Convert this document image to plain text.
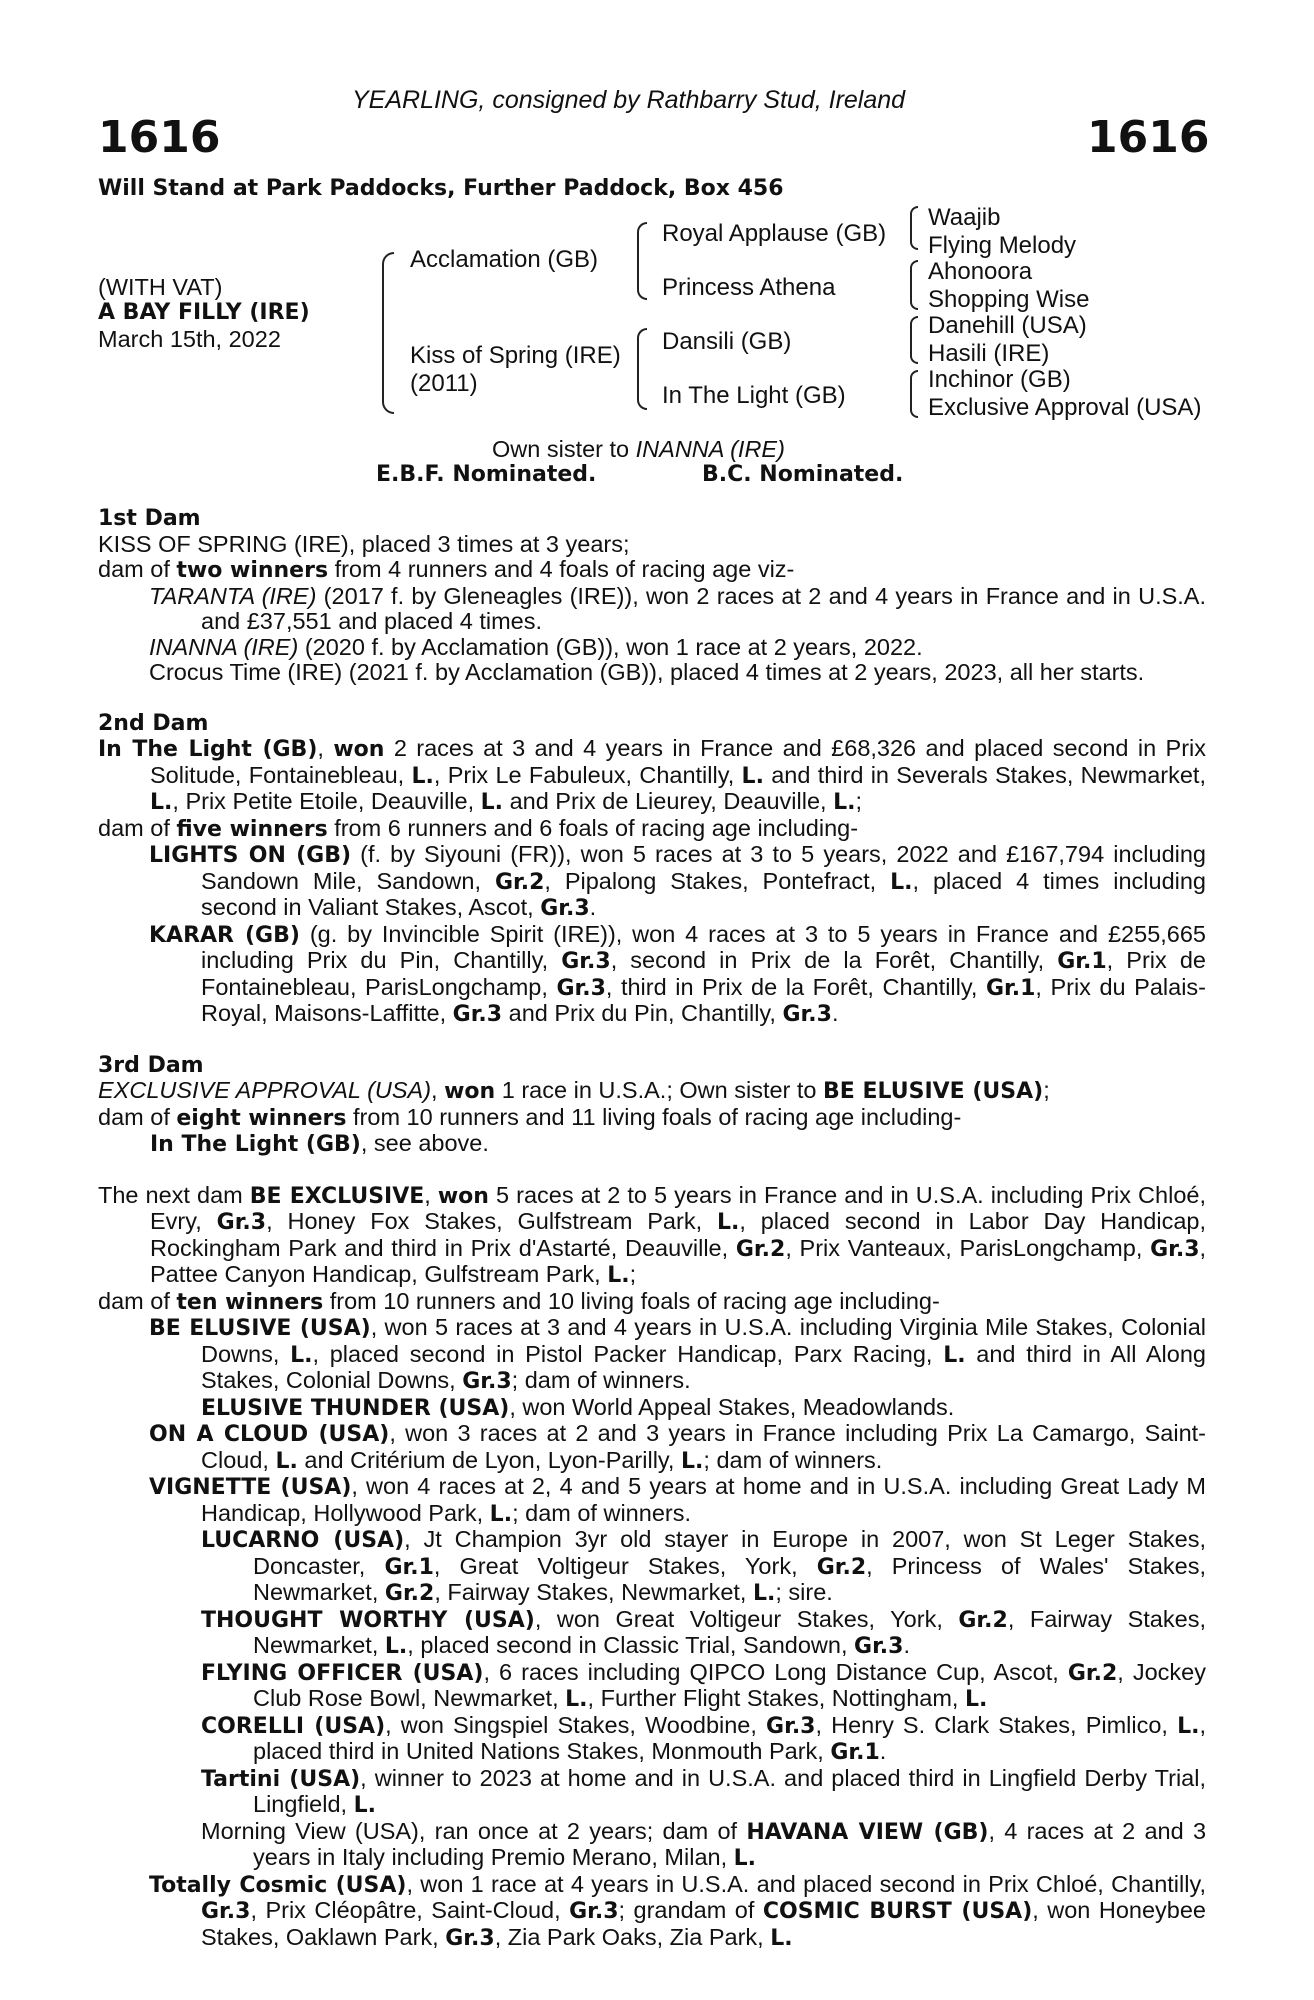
YEARLING, consigned by Rathbarry Stud, Ireland
1616	1616
Will Stand at Park Paddocks, Further Paddock, Box 456
(WITH VAT)
A BAY FILLY (IRE)
March 15th, 2022
Acclamation (GB)
Kiss of Spring (IRE)
(2011)
Royal Applause (GB)
Princess Athena
Dansili (GB)
In The Light (GB)
Waajib
Flying Melody
Ahonoora
Shopping Wise
Danehill (USA)
Hasili (IRE)
Inchinor (GB)
Exclusive Approval (USA)
Own sister to INANNA (IRE)
E.B.F. Nominated.	B.C. Nominated.

1st Dam

KISS OF SPRING (IRE), placed 3 times at 3 years;

dam of two winners from 4 runners and 4 foals of racing age viz-

TARANTA (IRE) (2017 f. by Gleneagles (IRE)), won 2 races at 2 and 4 years in France and in U.S.A. and £37,551 and placed 4 times.

INANNA (IRE) (2020 f. by Acclamation (GB)), won 1 race at 2 years, 2022.

Crocus Time (IRE) (2021 f. by Acclamation (GB)), placed 4 times at 2 years, 2023, all her starts.

2nd Dam

In The Light (GB), won 2 races at 3 and 4 years in France and £68,326 and placed second in Prix Solitude, Fontainebleau, L., Prix Le Fabuleux, Chantilly, L. and third in Severals Stakes, Newmarket, L., Prix Petite Etoile, Deauville, L. and Prix de Lieurey, Deauville, L.;

dam of five winners from 6 runners and 6 foals of racing age including-

LIGHTS ON (GB) (f. by Siyouni (FR)), won 5 races at 3 to 5 years, 2022 and £167,794 including Sandown Mile, Sandown, Gr.2, Pipalong Stakes, Pontefract, L., placed 4 times including second in Valiant Stakes, Ascot, Gr.3.

KARAR (GB) (g. by Invincible Spirit (IRE)), won 4 races at 3 to 5 years in France and £255,665 including Prix du Pin, Chantilly, Gr.3, second in Prix de la Forêt, Chantilly, Gr.1, Prix de Fontainebleau, ParisLongchamp, Gr.3, third in Prix de la Forêt, Chantilly, Gr.1, Prix du Palais-Royal, Maisons-Laffitte, Gr.3 and Prix du Pin, Chantilly, Gr.3.

3rd Dam

EXCLUSIVE APPROVAL (USA), won 1 race in U.S.A.; Own sister to BE ELUSIVE (USA);

dam of eight winners from 10 runners and 11 living foals of racing age including-

In The Light (GB), see above.

The next dam BE EXCLUSIVE, won 5 races at 2 to 5 years in France and in U.S.A. including Prix Chloé, Evry, Gr.3, Honey Fox Stakes, Gulfstream Park, L., placed second in Labor Day Handicap, Rockingham Park and third in Prix d'Astarté, Deauville, Gr.2, Prix Vanteaux, ParisLongchamp, Gr.3, Pattee Canyon Handicap, Gulfstream Park, L.;

dam of ten winners from 10 runners and 10 living foals of racing age including-

BE ELUSIVE (USA), won 5 races at 3 and 4 years in U.S.A. including Virginia Mile Stakes, Colonial Downs, L., placed second in Pistol Packer Handicap, Parx Racing, L. and third in All Along Stakes, Colonial Downs, Gr.3; dam of winners.

ELUSIVE THUNDER (USA), won World Appeal Stakes, Meadowlands.

ON A CLOUD (USA), won 3 races at 2 and 3 years in France including Prix La Camargo, Saint-Cloud, L. and Critérium de Lyon, Lyon-Parilly, L.; dam of winners.

VIGNETTE (USA), won 4 races at 2, 4 and 5 years at home and in U.S.A. including Great Lady M Handicap, Hollywood Park, L.; dam of winners.

LUCARNO (USA), Jt Champion 3yr old stayer in Europe in 2007, won St Leger Stakes, Doncaster, Gr.1, Great Voltigeur Stakes, York, Gr.2, Princess of Wales' Stakes, Newmarket, Gr.2, Fairway Stakes, Newmarket, L.; sire.

THOUGHT WORTHY (USA), won Great Voltigeur Stakes, York, Gr.2, Fairway Stakes, Newmarket, L., placed second in Classic Trial, Sandown, Gr.3.

FLYING OFFICER (USA), 6 races including QIPCO Long Distance Cup, Ascot, Gr.2, Jockey Club Rose Bowl, Newmarket, L., Further Flight Stakes, Nottingham, L.

CORELLI (USA), won Singspiel Stakes, Woodbine, Gr.3, Henry S. Clark Stakes, Pimlico, L., placed third in United Nations Stakes, Monmouth Park, Gr.1.

Tartini (USA), winner to 2023 at home and in U.S.A. and placed third in Lingfield Derby Trial, Lingfield, L.

Morning View (USA), ran once at 2 years; dam of HAVANA VIEW (GB), 4 races at 2 and 3 years in Italy including Premio Merano, Milan, L.

Totally Cosmic (USA), won 1 race at 4 years in U.S.A. and placed second in Prix Chloé, Chantilly, Gr.3, Prix Cléopâtre, Saint-Cloud, Gr.3; grandam of COSMIC BURST (USA), won Honeybee Stakes, Oaklawn Park, Gr.3, Zia Park Oaks, Zia Park, L.
